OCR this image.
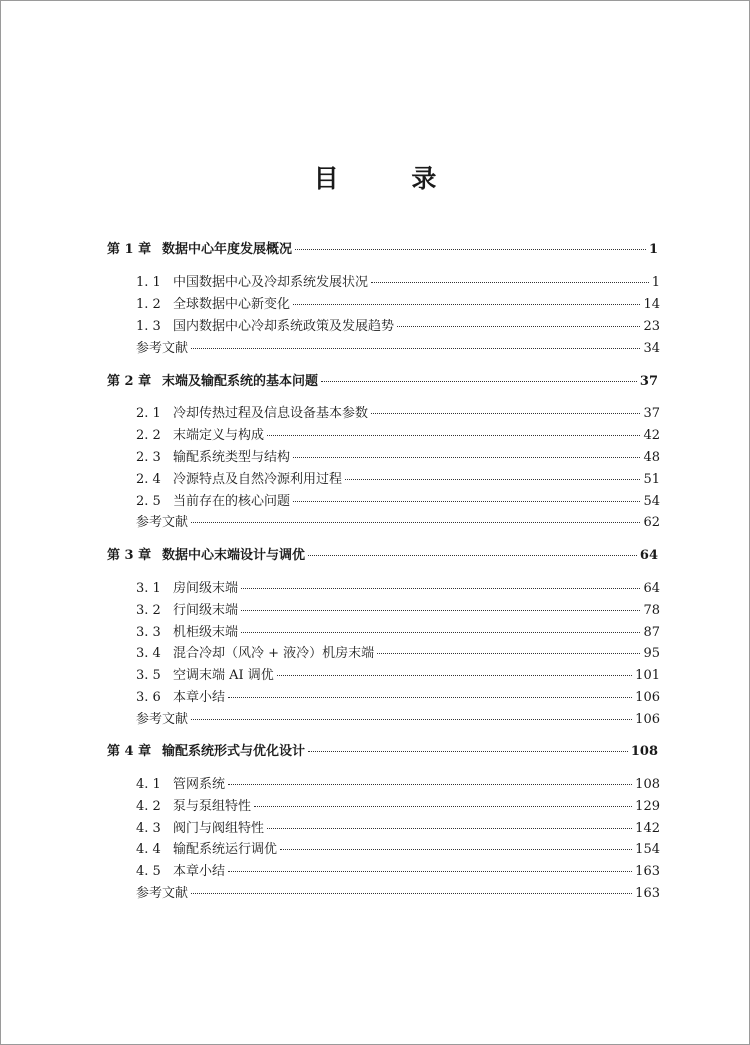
目 录
第 1 章 数据中心年度发展概况	1
1. 1 中国数据中心及冷却系统发展状况	1
1. 2 全球数据中心新变化	14
1. 3 国内数据中心冷却系统政策及发展趋势	23
参考文献	34
第 2 章 末端及输配系统的基本问题	37
2. 1 冷却传热过程及信息设备基本参数	37
2. 2 末端定义与构成	42
2. 3 输配系统类型与结构	48
2. 4 冷源特点及自然冷源利用过程	51
2. 5 当前存在的核心问题	54
参考文献	62
第 3 章 数据中心末端设计与调优	64
3. 1 房间级末端	64
3. 2 行间级末端	78
3. 3 机柜级末端	87
3. 4 混合冷却（风冷 + 液冷）机房末端	95
3. 5 空调末端 AI 调优	101
3. 6 本章小结	106
参考文献	106
第 4 章 输配系统形式与优化设计	108
4. 1 管网系统	108
4. 2 泵与泵组特性	129
4. 3 阀门与阀组特性	142
4. 4 输配系统运行调优	154
4. 5 本章小结	163
参考文献	163
